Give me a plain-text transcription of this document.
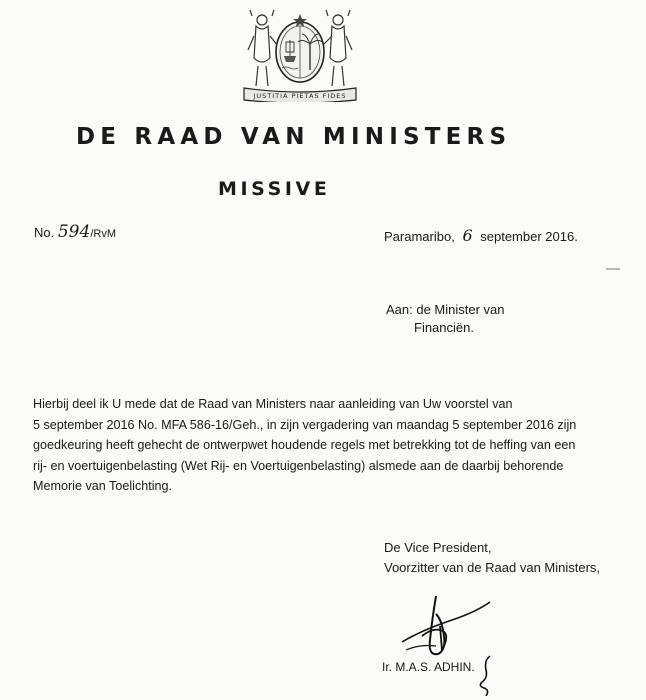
JUSTITIA PIETAS FIDES
DE RAAD VAN MINISTERS
MISSIVE
No. 594/RvM	Paramaribo, 6 september 2016.
Aan: de Minister van
Financiën.
Hierbij deel ik U mede dat de Raad van Ministers naar aanleiding van Uw voorstel van
5 september 2016 No. MFA 586-16/Geh., in zijn vergadering van maandag 5 september 2016 zijn
goedkeuring heeft gehecht de ontwerpwet houdende regels met betrekking tot de heffing van een
rij- en voertuigenbelasting (Wet Rij- en Voertuigenbelasting) alsmede aan de daarbij behorende
Memorie van Toelichting.
De Vice President,
Voorzitter van de Raad van Ministers,
Ir. M.A.S. ADHIN.
